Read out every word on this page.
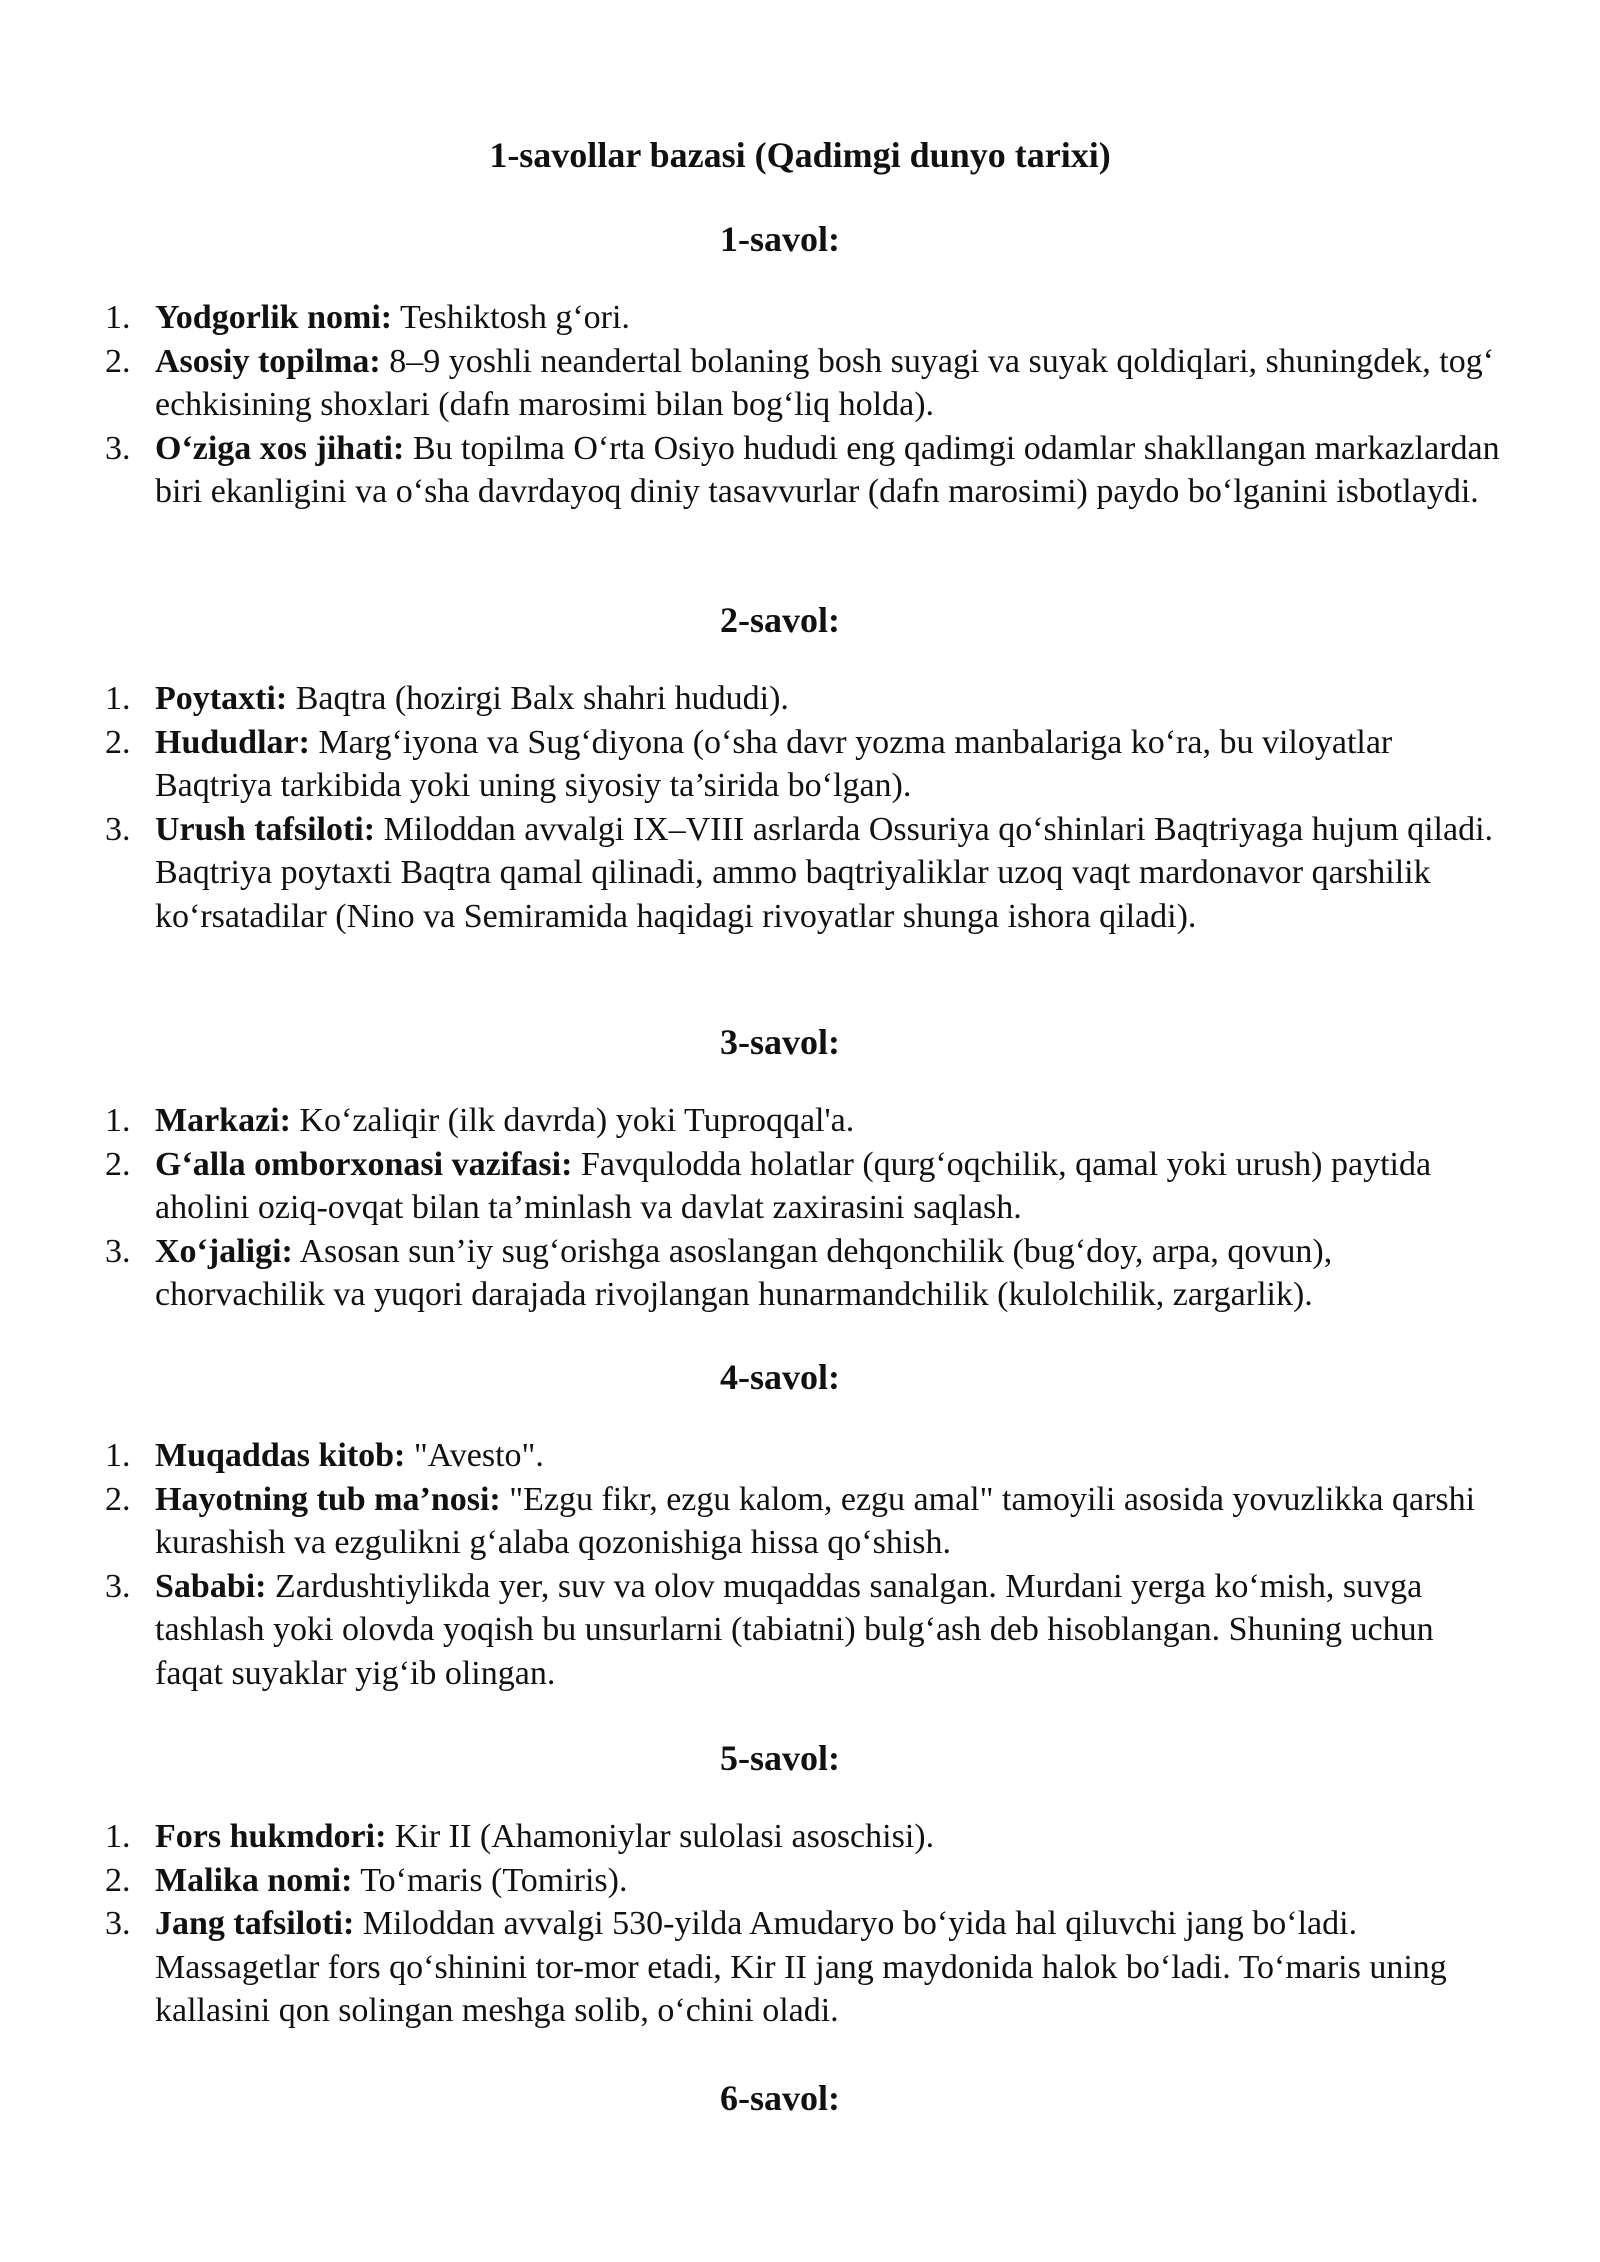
1-savollar bazasi (Qadimgi dunyo tarixi)
1-savol:
1. Yodgorlik nomi: Teshiktosh g‘ori.
2. Asosiy topilma: 8–9 yoshli neandertal bolaning bosh suyagi va suyak qoldiqlari, shuningdek, tog‘ echkisining shoxlari (dafn marosimi bilan bog‘liq holda).
3. O‘ziga xos jihati: Bu topilma O‘rta Osiyo hududi eng qadimgi odamlar shakllangan markazlardan biri ekanligini va o‘sha davrdayoq diniy tasavvurlar (dafn marosimi) paydo bo‘lganini isbotlaydi.
2-savol:
1. Poytaxti: Baqtra (hozirgi Balx shahri hududi).
2. Hududlar: Marg‘iyona va Sug‘diyona (o‘sha davr yozma manbalariga ko‘ra, bu viloyatlar Baqtriya tarkibida yoki uning siyosiy ta’sirida bo‘lgan).
3. Urush tafsiloti: Miloddan avvalgi IX–VIII asrlarda Ossuriya qo‘shinlari Baqtriyaga hujum qiladi. Baqtriya poytaxti Baqtra qamal qilinadi, ammo baqtriyaliklar uzoq vaqt mardonavor qarshilik ko‘rsatadilar (Nino va Semiramida haqidagi rivoyatlar shunga ishora qiladi).
3-savol:
1. Markazi: Ko‘zaliqir (ilk davrda) yoki Tuproqqal'a.
2. G‘alla omborxonasi vazifasi: Favqulodda holatlar (qurg‘oqchilik, qamal yoki urush) paytida aholini oziq-ovqat bilan ta’minlash va davlat zaxirasini saqlash.
3. Xo‘jaligi: Asosan sun’iy sug‘orishga asoslangan dehqonchilik (bug‘doy, arpa, qovun), chorvachilik va yuqori darajada rivojlangan hunarmandchilik (kulolchilik, zargarlik).
4-savol:
1. Muqaddas kitob: "Avesto".
2. Hayotning tub ma’nosi: "Ezgu fikr, ezgu kalom, ezgu amal" tamoyili asosida yovuzlikka qarshi kurashish va ezgulikni g‘alaba qozonishiga hissa qo‘shish.
3. Sababi: Zardushtiylikda yer, suv va olov muqaddas sanalgan. Murdani yerga ko‘mish, suvga tashlash yoki olovda yoqish bu unsurlarni (tabiatni) bulg‘ash deb hisoblangan. Shuning uchun faqat suyaklar yig‘ib olingan.
5-savol:
1. Fors hukmdori: Kir II (Ahamoniylar sulolasi asoschisi).
2. Malika nomi: To‘maris (Tomiris).
3. Jang tafsiloti: Miloddan avvalgi 530-yilda Amudaryo bo‘yida hal qiluvchi jang bo‘ladi. Massagetlar fors qo‘shinini tor-mor etadi, Kir II jang maydonida halok bo‘ladi. To‘maris uning kallasini qon solingan meshga solib, o‘chini oladi.
6-savol:
